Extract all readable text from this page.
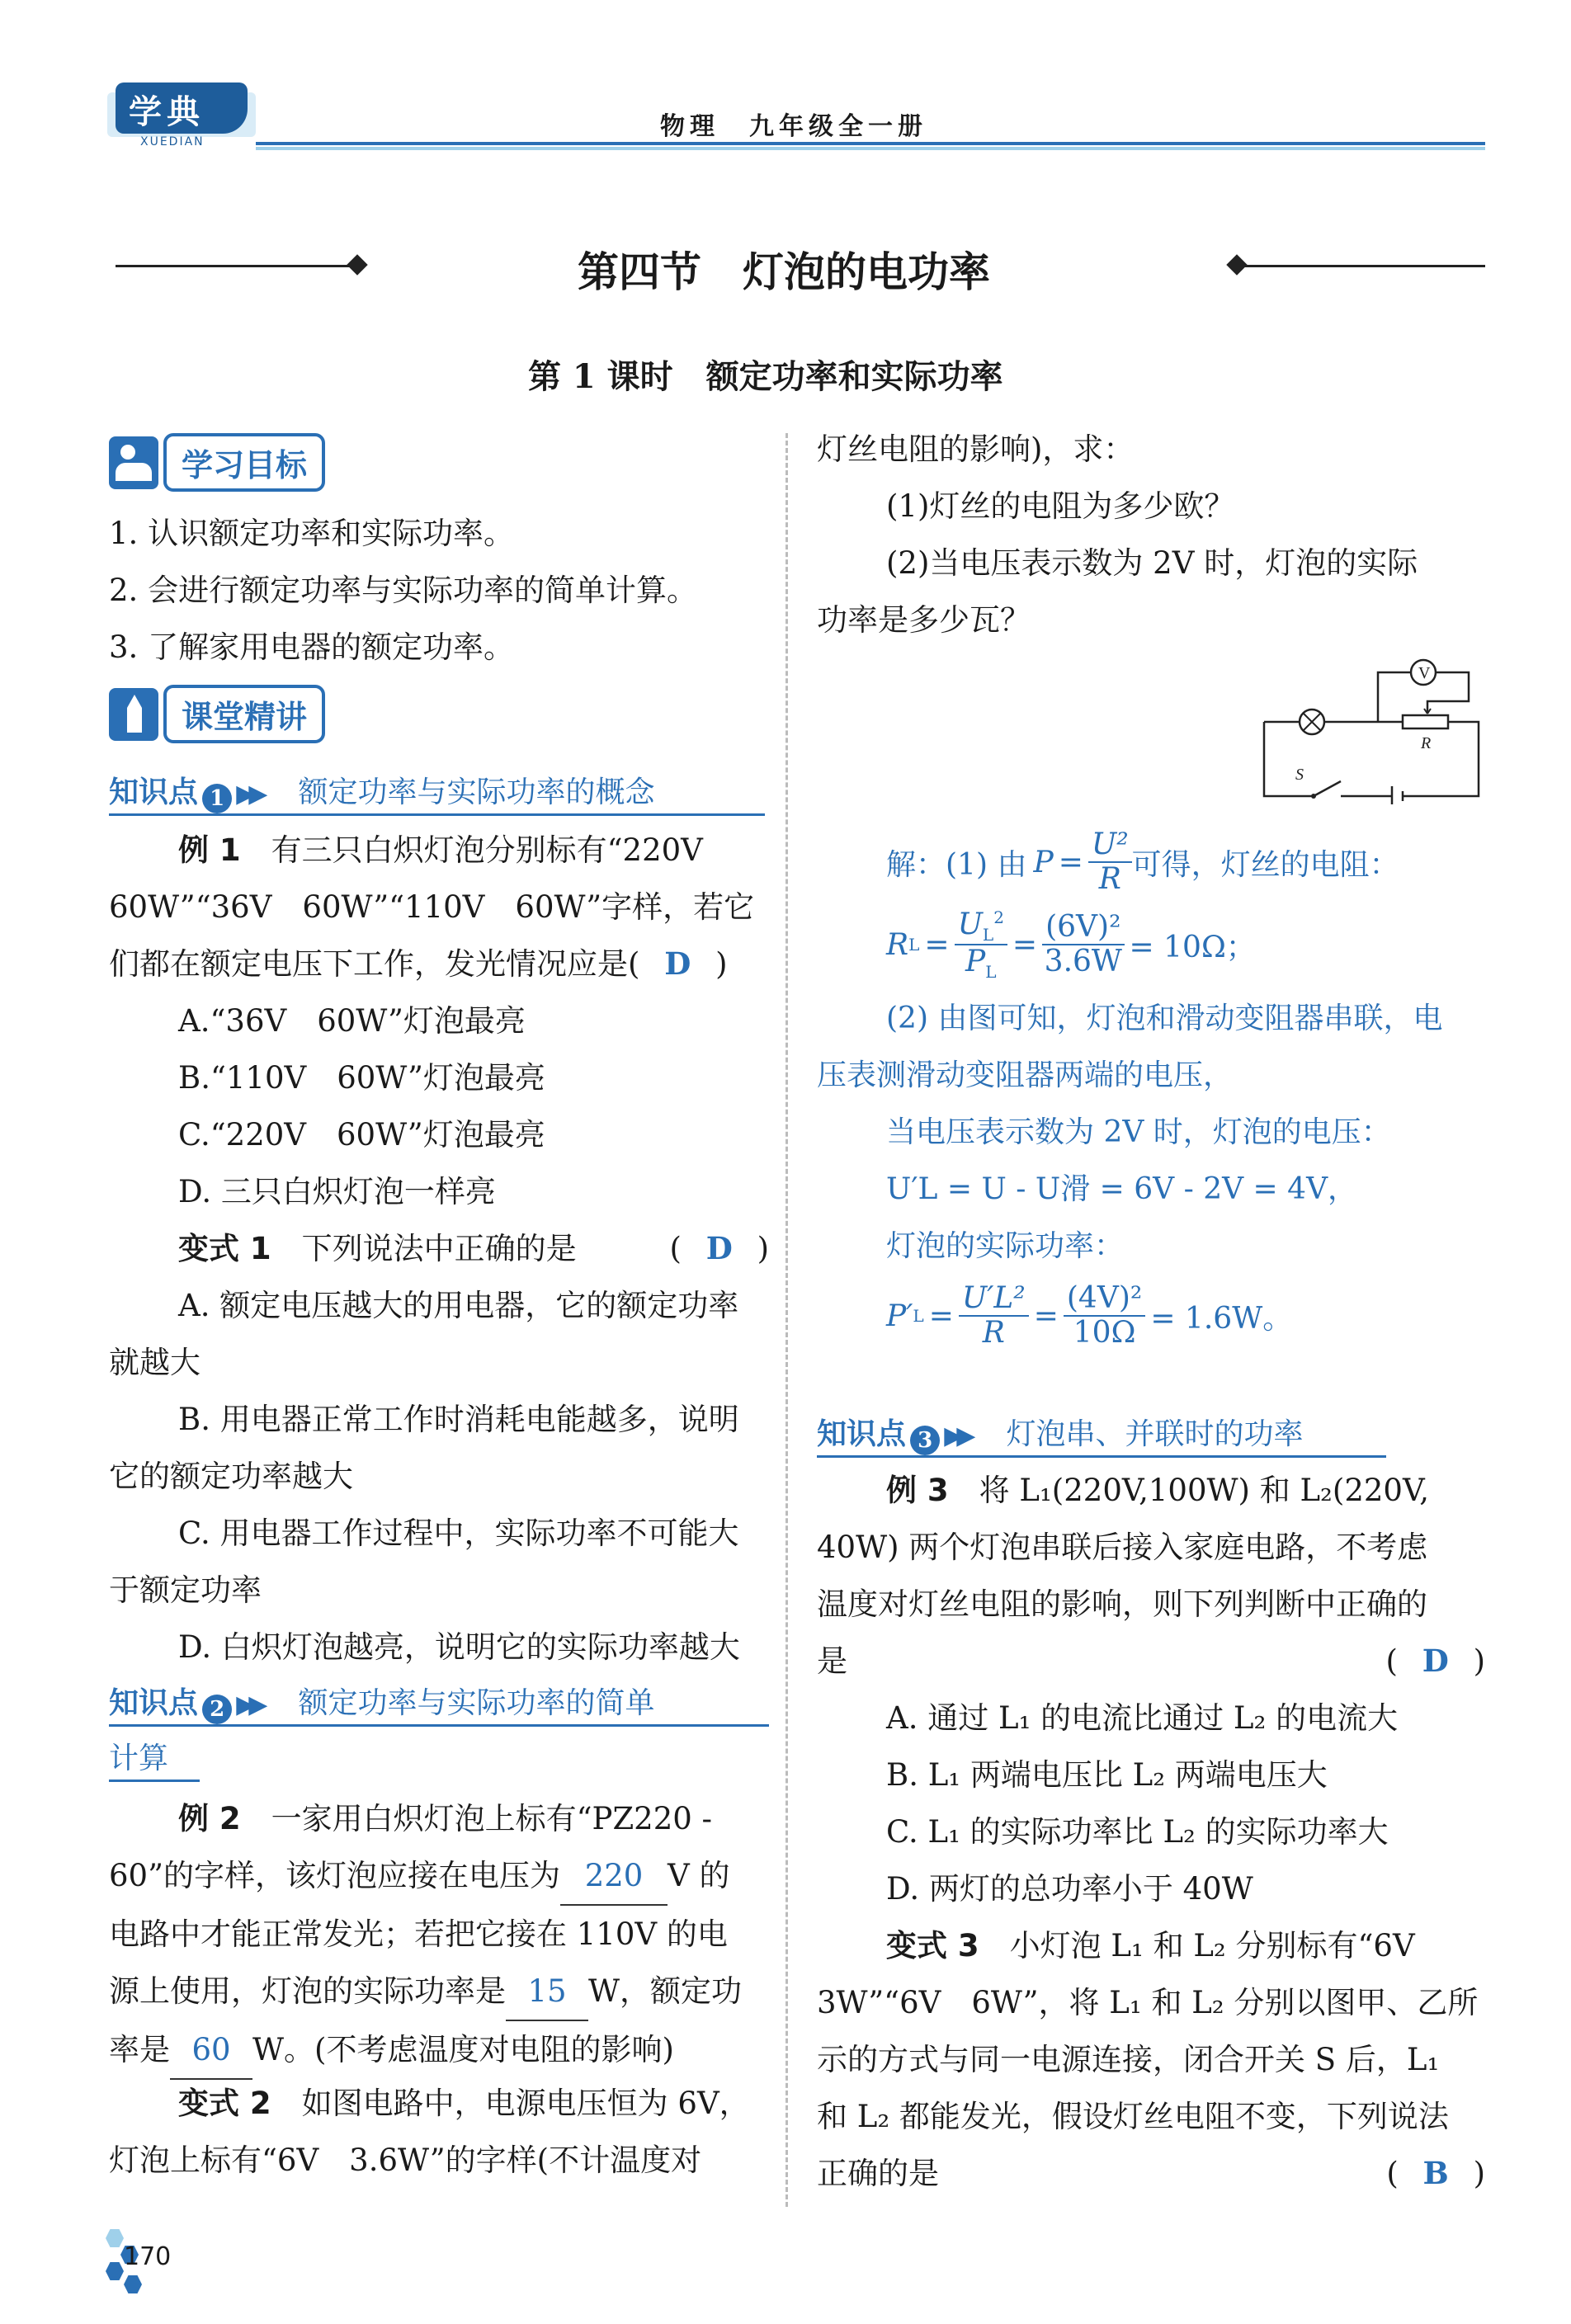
学典
XUEDIAN
物理　九年级全一册
第四节　灯泡的电功率
第 1 课时　额定功率和实际功率
学习目标
1. 认识额定功率和实际功率。
2. 会进行额定功率与实际功率的简单计算。
3. 了解家用电器的额定功率。
课堂精讲
知识点 1 ▶▶ 额定功率与实际功率的概念
例 1　 有三只白炽灯泡分别标有“220V
60W”“36V　60W”“110V　60W”字样，若它
们都在额定电压下工作，发光情况应是( D )
A.“36V　60W”灯泡最亮
B.“110V　60W”灯泡最亮
C.“220V　60W”灯泡最亮
D. 三只白炽灯泡一样亮
变式 1　 下列说法中正确的是	( D )
A. 额定电压越大的用电器，它的额定功率
就越大
B. 用电器正常工作时消耗电能越多，说明
它的额定功率越大
C. 用电器工作过程中，实际功率不可能大
于额定功率
D. 白炽灯泡越亮，说明它的实际功率越大
知识点 2 ▶▶ 额定功率与实际功率的简单
计算
例 2　 一家用白炽灯泡上标有“PZ220 -
60”的字样，该灯泡应接在电压为 220 V 的
电路中才能正常发光；若把它接在 110V 的电
源上使用，灯泡的实际功率是 15 W，额定功
率是 60 W。(不考虑温度对电阻的影响)
变式 2　 如图电路中，电源电压恒为 6V，
灯泡上标有“6V　3.6W”的字样(不计温度对
灯丝电阻的影响)，求：
(1)灯丝的电阻为多少欧？
(2)当电压表示数为 2V 时，灯泡的实际
功率是多少瓦？
V
R
S
解：(1) 由 $P = \frac{\text{U²}}{R}$ 可得，灯丝的电阻：
R $L = \frac{U_L^2}{P_L} = \frac{\text{(6V)²}}{3.6W} = 10\Omega$；
(2) 由图可知，灯泡和滑动变阻器串联，电
压表测滑动变阻器两端的电压，
当电压表示数为 2V 时，灯泡的电压：
U′L = U - U滑 = 6V - 2V = 4V，
灯泡的实际功率：
P′ $L = \frac{\text{U′L²}}{R} = \frac{\text{(4V)²}}{10\Omega} = 1.6W$。
知识点 3 ▶▶ 灯泡串、并联时的功率
例 3　 将 L₁(220V,100W) 和 L₂(220V,
40W) 两个灯泡串联后接入家庭电路，不考虑
温度对灯丝电阻的影响，则下列判断中正确的
是	( D )
A. 通过 L₁ 的电流比通过 L₂ 的电流大
B. L₁ 两端电压比 L₂ 两端电压大
C. L₁ 的实际功率比 L₂ 的实际功率大
D. 两灯的总功率小于 40W
变式 3　 小灯泡 L₁ 和 L₂ 分别标有“6V
3W”“6V　6W”，将 L₁ 和 L₂ 分别以图甲、乙所
示的方式与同一电源连接，闭合开关 S 后，L₁
和 L₂ 都能发光，假设灯丝电阻不变，下列说法
正确的是	( B )
170
